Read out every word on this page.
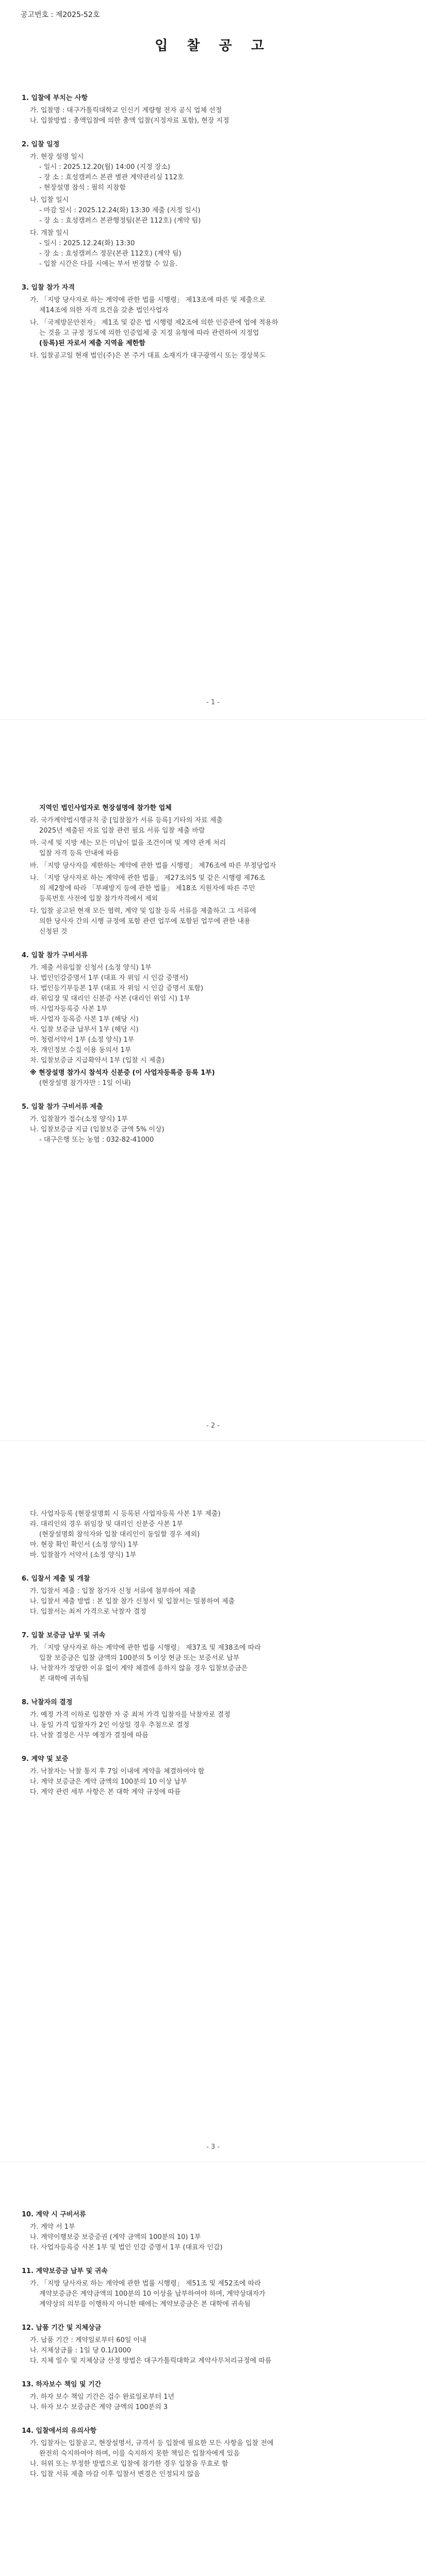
공고번호 : 제2025-52호
입 찰 공 고
1. 입찰에 부치는 사항
가. 입찰명 : 대구가톨릭대학교 인신기 계량형 전자 공식 업체 선정
나. 입찰방법 : 총액입찰에 의한 총액 입찰(지정자료 포함), 현장 지정
2. 입찰 일정
가. 현장 설명 일시
- 일시 : 2025.12.20(월) 14:00 (지정 장소)
- 장 소 : 효성캠퍼스 본관 별관 계약관리실 112호
- 현장설명 참석 : 필히 지참함
나. 입찰 일시
- 마감 일시 : 2025.12.24(화) 13:30 제출 (지정 일시)
- 장 소 : 효성캠퍼스 본관행정팀(본관 112호) (계약 팀)
다. 개찰 일시
- 일시 : 2025.12.24(화) 13:30
- 장 소 : 효성캠퍼스 정문(본관 112호) (계약 팀)
- 입찰 시간은 다를 시에는 부서 번경할 수 있음.
3. 입찰 참가 자격
가. 「지방 당사자로 하는 계약에 관한 법률 시행령」 제13조에 따른 및 제출으로
제14조에 의한 자격 요건을 갖춘 법인사업자
나. 「국제방문안전자」 제1조 및 같은 법 시행령 제2조에 의한 인증관에 업에 적용하
는 것을 고 규정 정도에 의한 인증업체 중 지정 유형에 따라 관련하여 지정업
(등록)된 자로서 제출 지역을 제한함
다. 입찰공고일 현재 법인(주)은 본 주거 대표 소재지가 대구광역시 또는 경상북도
- 1 -
지역인 법인사업자로 현장설명에 참가한 업체
라. 국가계약법시행규칙 중 [입찰참가 서류 등록] 기타의 자료 제출
2025년 제출된 자료 입찰 관련 필요 서류 입찰 제출 바람
마. 국세 및 지방 세는 모든 미납이 없을 조건이며 및 계약 관계 처리
입찰 자격 등록 안내에 따름
바. 「지방 당사자를 제한하는 계약에 관한 법률 시행령」 제76조에 따른 부정당업자
나. 「지방 당사자로 하는 계약에 관한 법률」 제27조의5 및 같은 시행령 제76조
의 제2항에 따라 「부패방지 등에 관한 법률」 제18조 지원자에 따른 주민
등록번호 사전에 입찰 참가자격에서 제외
다. 입찰 공고된 현재 모든 협력, 계약 및 입찰 등록 서류를 제출하고 그 서류에
의한 당사자 간의 시행 규정에 포함 관련 업무에 포함된 업무에 관한 내용
신청된 것
4. 입찰 참가 구비서류
가. 제출 서류입찰 신청서 (소정 양식) 1부
나. 법인인감증명서 1부 (대표 자 위임 시 인감 증명서)
다. 법인등기부등본 1부 (대표 자 위임 시 인감 증명서 포함)
라. 위임장 및 대리인 신분증 사본 (대리인 위임 시) 1부
마. 사업자등록증 사본 1부
바. 사업자 등록증 사본 1부 (해당 시)
사. 입찰 보증금 납부서 1부 (해당 시)
아. 청렴서약서 1부 (소정 양식) 1부
자. 개인정보 수집 이용 동의서 1부
차. 입찰보증금 지급확약서 1부 (입찰 시 제출)
※ 현장설명 참가시 참석자 신분증 (이 사업자등록증 등록 1부)
(현장설명 참가자만 : 1일 이내)
5. 입찰 참가 구비서류 제출
가. 입찰참가 접수(소정 양식) 1부
나. 입찰보증금 지급 (입찰보증 금액 5% 이상)
- 대구은행 또는 농협 : 032-82-41000
- 2 -
다. 사업자등록 (현장설명회 시 등록된 사업자등록 사본 1부 제출)
라. 대리인의 경우 위임장 및 대리인 신분증 사본 1부
(현장설명회 참석자와 입찰 대리인이 동일할 경우 제외)
마. 현장 확인 확인서 (소정 양식) 1부
바. 입찰참가 서약서 (소정 양식) 1부
6. 입찰서 제출 및 개찰
가. 입찰서 제출 : 입찰 참가자 신청 서류에 첨부하여 제출
나. 입찰서 제출 방법 : 본 입찰 참가 신청서 및 입찰서는 밀봉하여 제출
다. 입찰서는 최저 가격으로 낙찰자 결정
7. 입찰 보증금 납부 및 귀속
가. 「지방 당사자로 하는 계약에 관한 법률 시행령」 제37조 및 제38조에 따라
입찰 보증금은 입찰 금액의 100분의 5 이상 현금 또는 보증서로 납부
나. 낙찰자가 정당한 이유 없이 계약 체결에 응하지 않을 경우 입찰보증금은
본 대학에 귀속됨
8. 낙찰자의 결정
가. 예정 가격 이하로 입찰한 자 중 최저 가격 입찰자를 낙찰자로 결정
나. 동일 가격 입찰자가 2인 이상일 경우 추첨으로 결정
다. 낙찰 결정은 사무 예정가 결정에 따름
9. 계약 및 보증
가. 낙찰자는 낙찰 통지 후 7일 이내에 계약을 체결하여야 함
나. 계약 보증금은 계약 금액의 100분의 10 이상 납부
다. 계약 관련 세부 사항은 본 대학 계약 규정에 따름
- 3 -
10. 계약 시 구비서류
가. 계약 서 1부
나. 계약이행보증 보증증권 (계약 금액의 100분의 10) 1부
다. 사업자등록증 사본 1부 및 법인 인감 증명서 1부 (대표자 인감)
11. 계약보증금 납부 및 귀속
가. 「지방 당사자로 하는 계약에 관한 법률 시행령」 제51조 및 제52조에 따라
계약보증금은 계약금액의 100분의 10 이상을 납부하여야 하며, 계약상대자가
계약상의 의무를 이행하지 아니한 때에는 계약보증금은 본 대학에 귀속됨
12. 납품 기간 및 지체상금
가. 납품 기간 : 계약일로부터 60일 이내
나. 지체상금률 : 1일 당 0.1/1000
다. 지체 일수 및 지체상금 산정 방법은 대구가톨릭대학교 계약사무처리규정에 따름
13. 하자보수 책임 및 기간
가. 하자 보수 책임 기간은 검수 완료일로부터 1년
나. 하자 보수 보증금은 계약 금액의 100분의 3
14. 입찰에서의 유의사항
가. 입찰자는 입찰공고, 현장설명서, 규격서 등 입찰에 필요한 모든 사항을 입찰 전에
완전히 숙지하여야 하며, 이를 숙지하지 못한 책임은 입찰자에게 있음
나. 허위 또는 부정한 방법으로 입찰에 참가한 경우 입찰을 무효로 함
다. 입찰 서류 제출 마감 이후 입찰서 변경은 인정되지 않음
